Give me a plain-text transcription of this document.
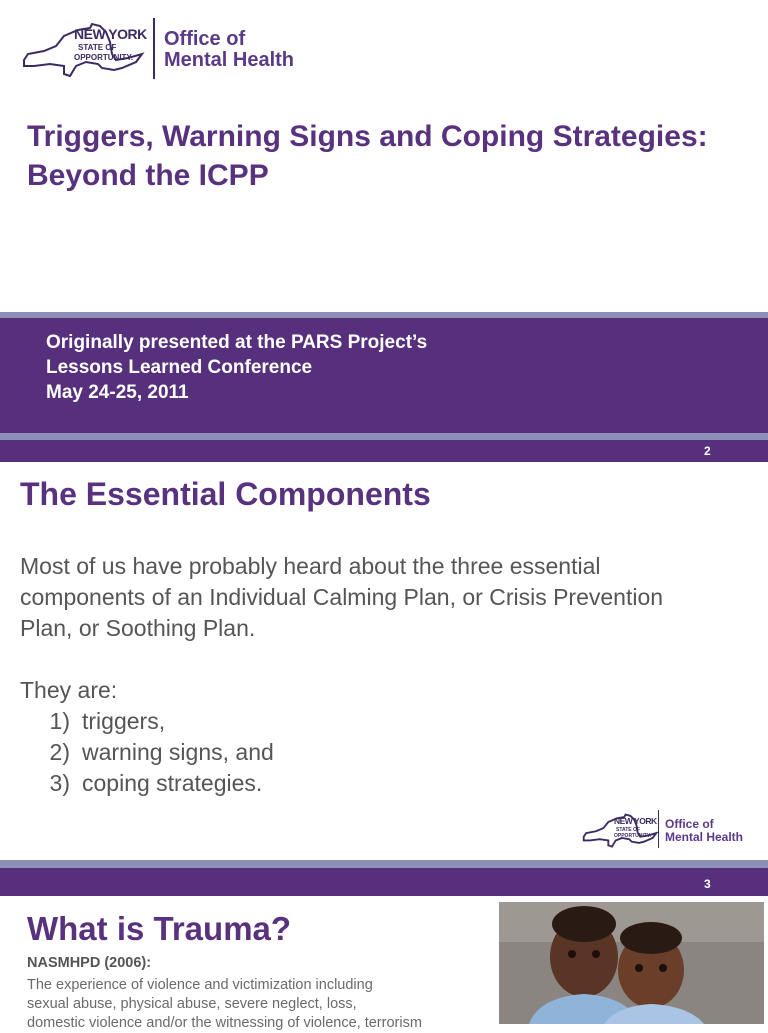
NEW YORK
STATE OF
OPPORTUNITY.
Office of
Mental Health
Triggers, Warning Signs and Coping Strategies:
Beyond the ICPP
Originally presented at the PARS Project’s
Lessons Learned Conference
May 24-25, 2011
2
The Essential Components
Most of us have probably heard about the three essential
components of an Individual Calming Plan, or Crisis Prevention
Plan, or Soothing Plan.
They are:
1) triggers,
2) warning signs, and
3) coping strategies.
NEW YORK
STATE OF
OPPORTUNITY.
Office of
Mental Health
3
What is Trauma?
NASMHPD (2006):
The experience of violence and victimization including
sexual abuse, physical abuse, severe neglect, loss,
domestic violence and/or the witnessing of violence, terrorism
